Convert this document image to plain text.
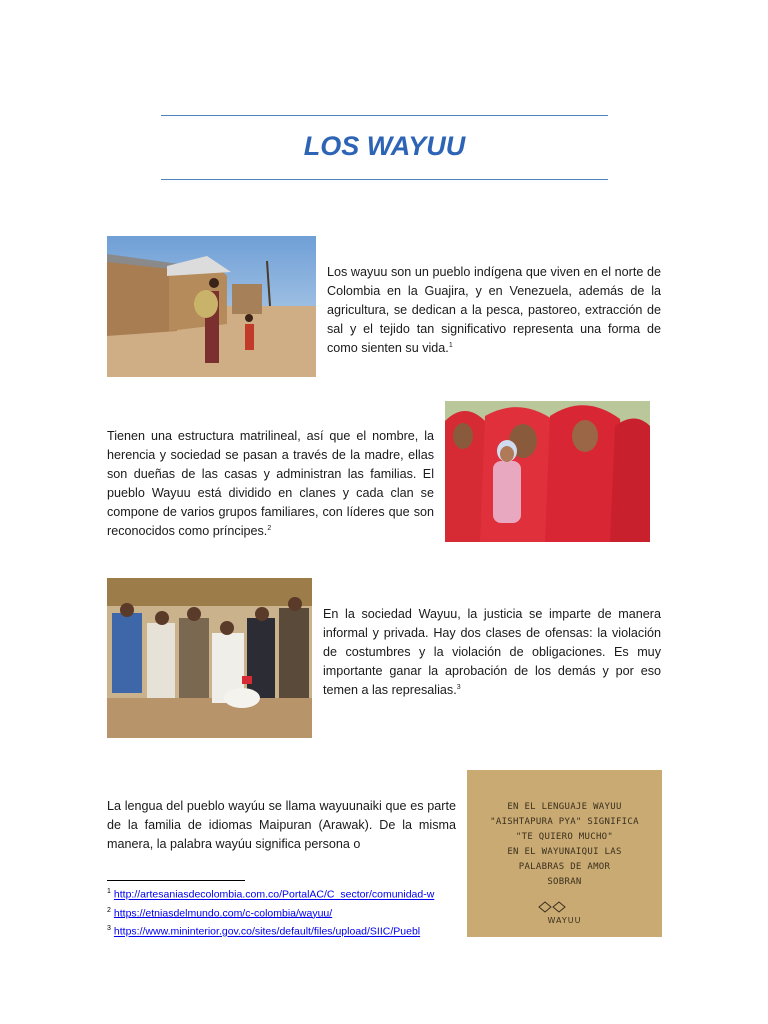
LOS WAYUU
Los wayuu son un pueblo indígena que viven en el norte de Colombia en la Guajira, y en Venezuela, además de la agricultura, se dedican a la pesca, pastoreo, extracción de sal y el tejido tan significativo representa una forma de como sienten su vida.$^1$
Tienen una estructura matrilineal, así que el nombre, la herencia y sociedad se pasan a través de la madre, ellas son dueñas de las casas y administran las familias. El pueblo Wayuu está dividido en clanes y cada clan se compone de varios grupos familiares, con líderes que son reconocidos como príncipes.$^2$
En la sociedad Wayuu, la justicia se imparte de manera informal y privada. Hay dos clases de ofensas: la violación de costumbres y la violación de obligaciones. Es muy importante ganar la aprobación de los demás y por eso temen a las represalias.$^3$
La lengua del pueblo wayúu se llama wayuunaiki que es parte de la familia de idiomas Maipuran (Arawak). De la misma manera, la palabra wayúu significa persona o
EN EL LENGUAJE WAYUU
"AISHTAPURA PYA" SIGNIFICA
"TE QUIERO MUCHO"
EN EL WAYUNAIQUI LAS
PALABRAS DE AMOR
SOBRAN
WAYUU
$^1$ http://artesaniasdecolombia.com.co/PortalAC/C_sector/comunidad-w
$^2$ https://etniasdelmundo.com/c-colombia/wayuu/
$^3$ https://www.mininterior.gov.co/sites/default/files/upload/SIIC/Puebl
